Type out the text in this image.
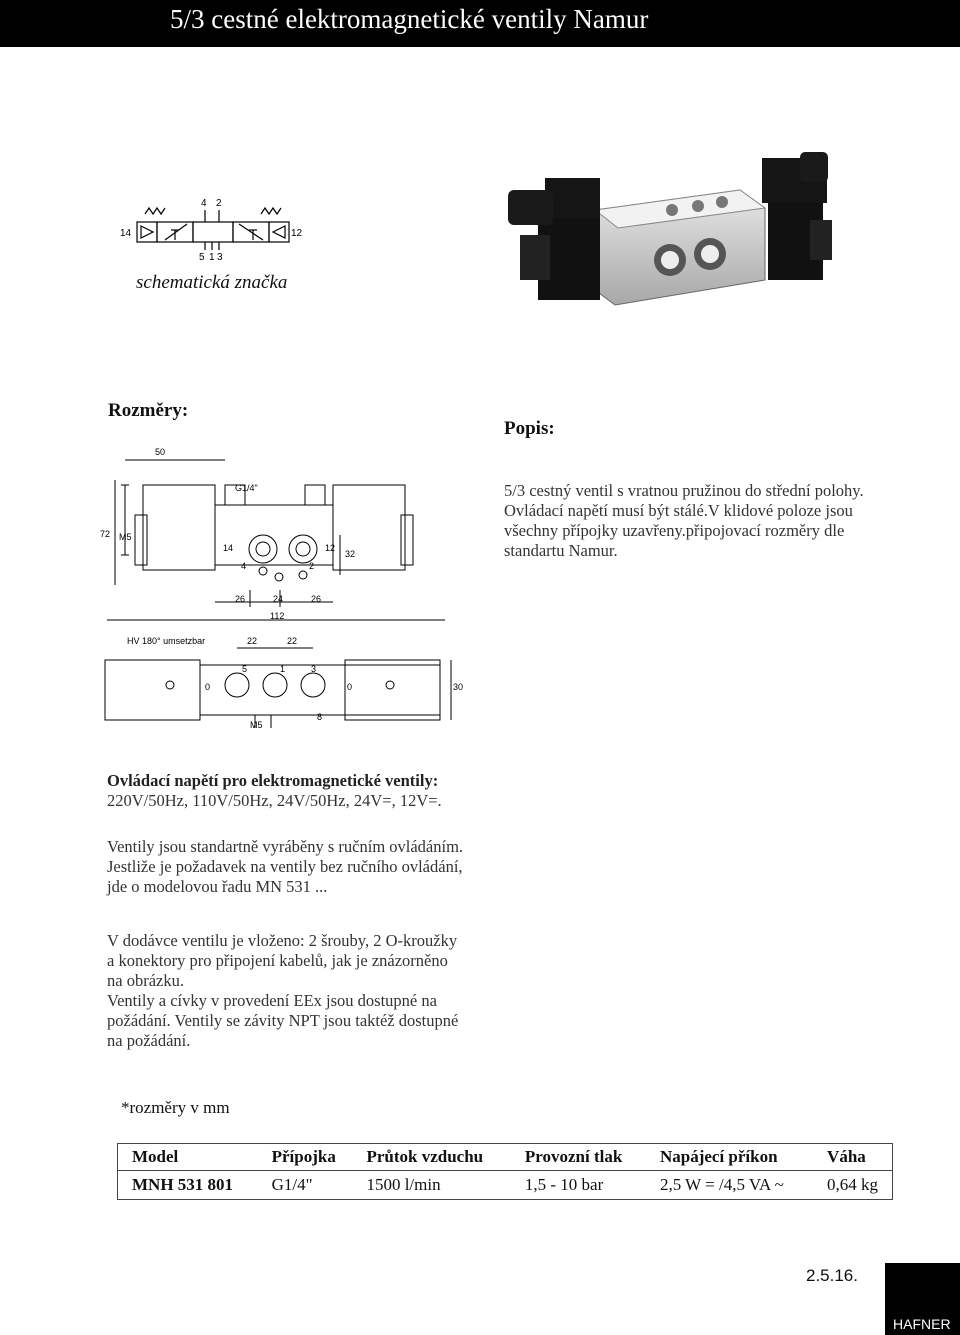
5/3 cestné elektromagnetické ventily Namur
4 2
14	12
5 1 3
schematická značka
Rozměry:
Popis:
5/3 cestný ventil s vratnou pružinou do střední polohy.
Ovládací napětí musí být stálé.V klidové poloze jsou
všechny přípojky uzavřeny.připojovací rozměry dle
standartu Namur.
50
72 M5
G1/4"
14	12
4	2
32
26	24	26
112
HV 180° umsetzbar	22	22
5	1	3
0	0	30
M5
8
Ovládací napětí pro elektromagnetické ventily:
220V/50Hz, 110V/50Hz, 24V/50Hz, 24V=, 12V=.
Ventily jsou standartně vyráběny s ručním ovládáním.
Jestliže je požadavek na ventily bez ručního ovládání,
jde o modelovou řadu MN 531 ...
V dodávce ventilu je vloženo: 2 šrouby, 2 O-kroužky
a konektory pro připojení kabelů, jak je znázorněno
na obrázku.
Ventily a cívky v provedení EEx jsou dostupné na
požádání. Ventily se závity NPT jsou taktéž dostupné
na požádání.
*rozměry v mm
Model	Přípojka	Průtok vzduchu	Provozní tlak	Napájecí příkon	Váha
MNH 531 801	G1/4"	1500 l/min	1,5 - 10 bar	2,5 W = /4,5 VA ~	0,64 kg
2.5.16.
HAFNER
